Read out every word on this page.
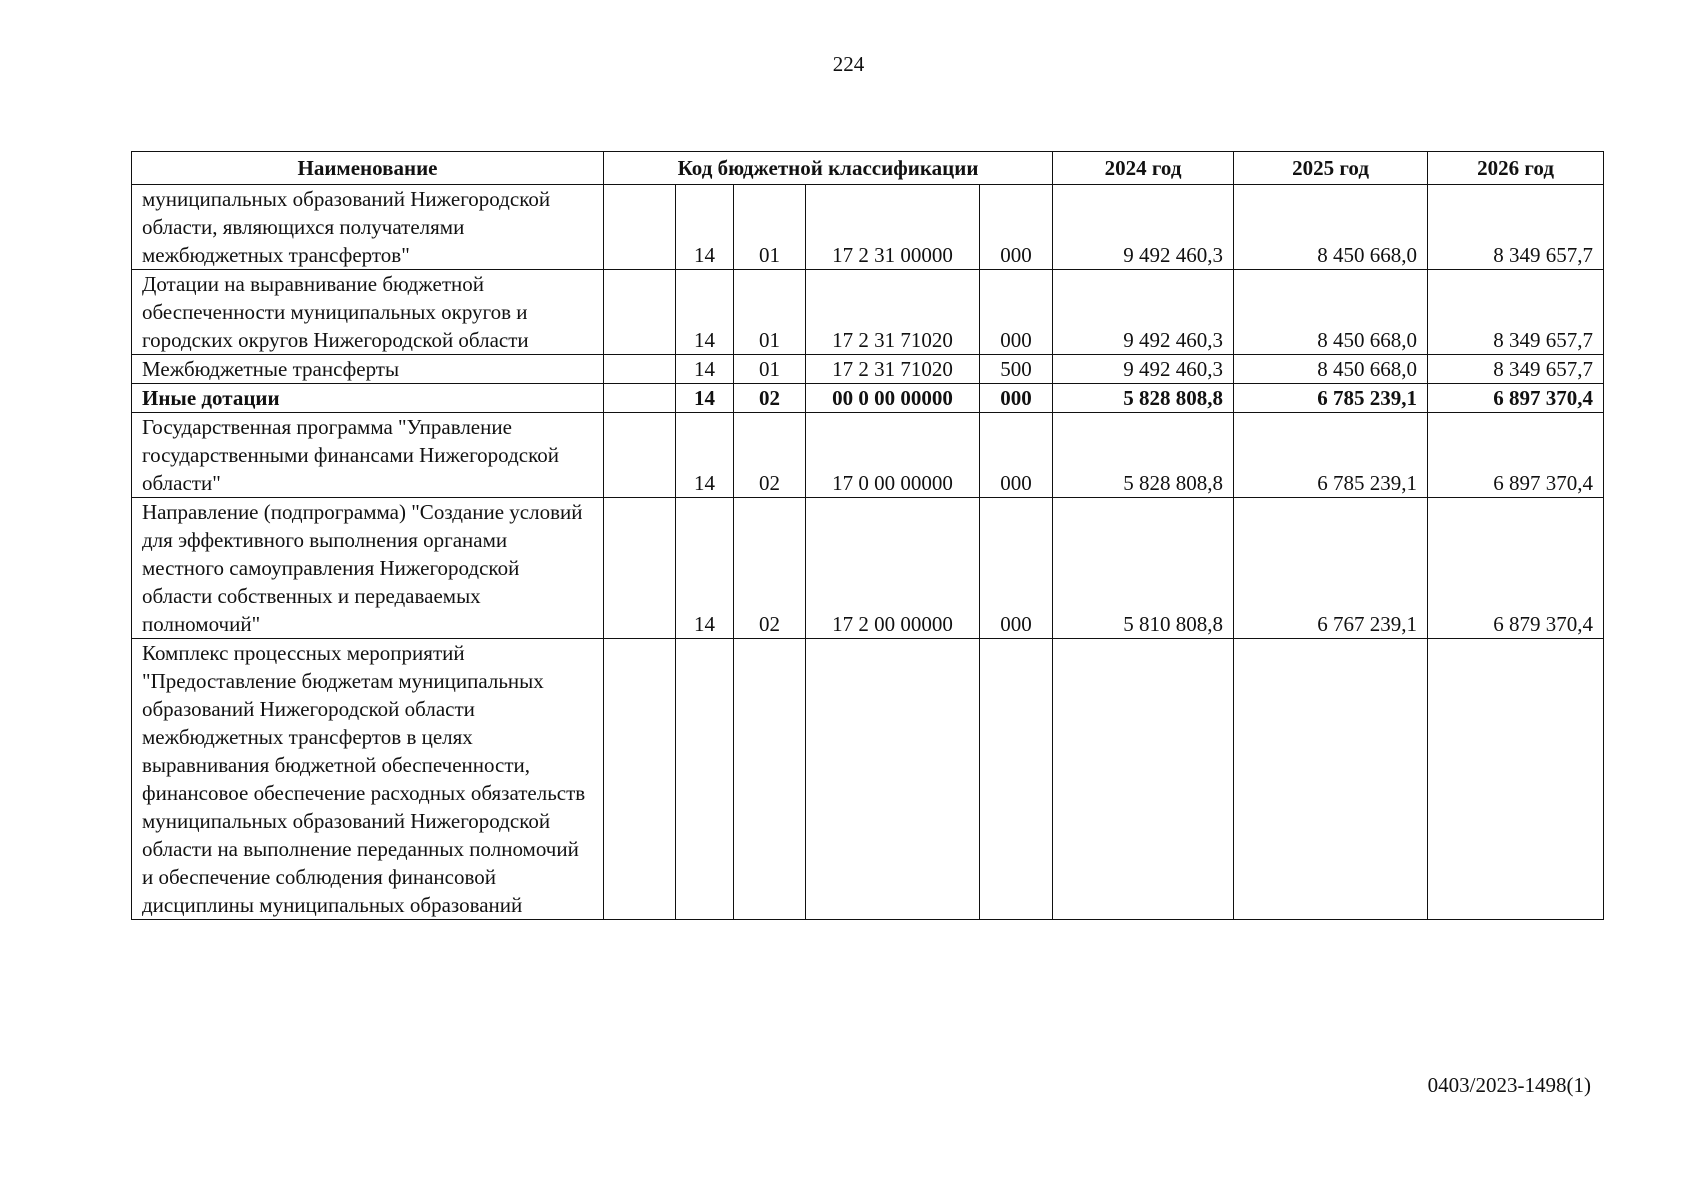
224
Наименование	Код бюджетной классификации					2024 год	2025 год	2026 год
муниципальных образований Нижегородской области, являющихся получателями межбюджетных трансфертов"		14	01	17 2 31 00000	000	9 492 460,3	8 450 668,0	8 349 657,7
Дотации на выравнивание бюджетной обеспеченности муниципальных округов и городских округов Нижегородской области		14	01	17 2 31 71020	000	9 492 460,3	8 450 668,0	8 349 657,7
Межбюджетные трансферты		14	01	17 2 31 71020	500	9 492 460,3	8 450 668,0	8 349 657,7
Иные дотации		14	02	00 0 00 00000	000	5 828 808,8	6 785 239,1	6 897 370,4
Государственная программа "Управление государственными финансами Нижегородской области"		14	02	17 0 00 00000	000	5 828 808,8	6 785 239,1	6 897 370,4
Направление (подпрограмма) "Создание условий для эффективного выполнения органами местного самоуправления Нижегородской области собственных и передаваемых полномочий"		14	02	17 2 00 00000	000	5 810 808,8	6 767 239,1	6 879 370,4
Комплекс процессных мероприятий "Предоставление бюджетам муниципальных образований Нижегородской области межбюджетных трансфертов в целях выравнивания бюджетной обеспеченности, финансовое обеспечение расходных обязательств муниципальных образований Нижегородской области на выполнение переданных полномочий и обеспечение соблюдения финансовой дисциплины муниципальных образований								
0403/2023-1498(1)
